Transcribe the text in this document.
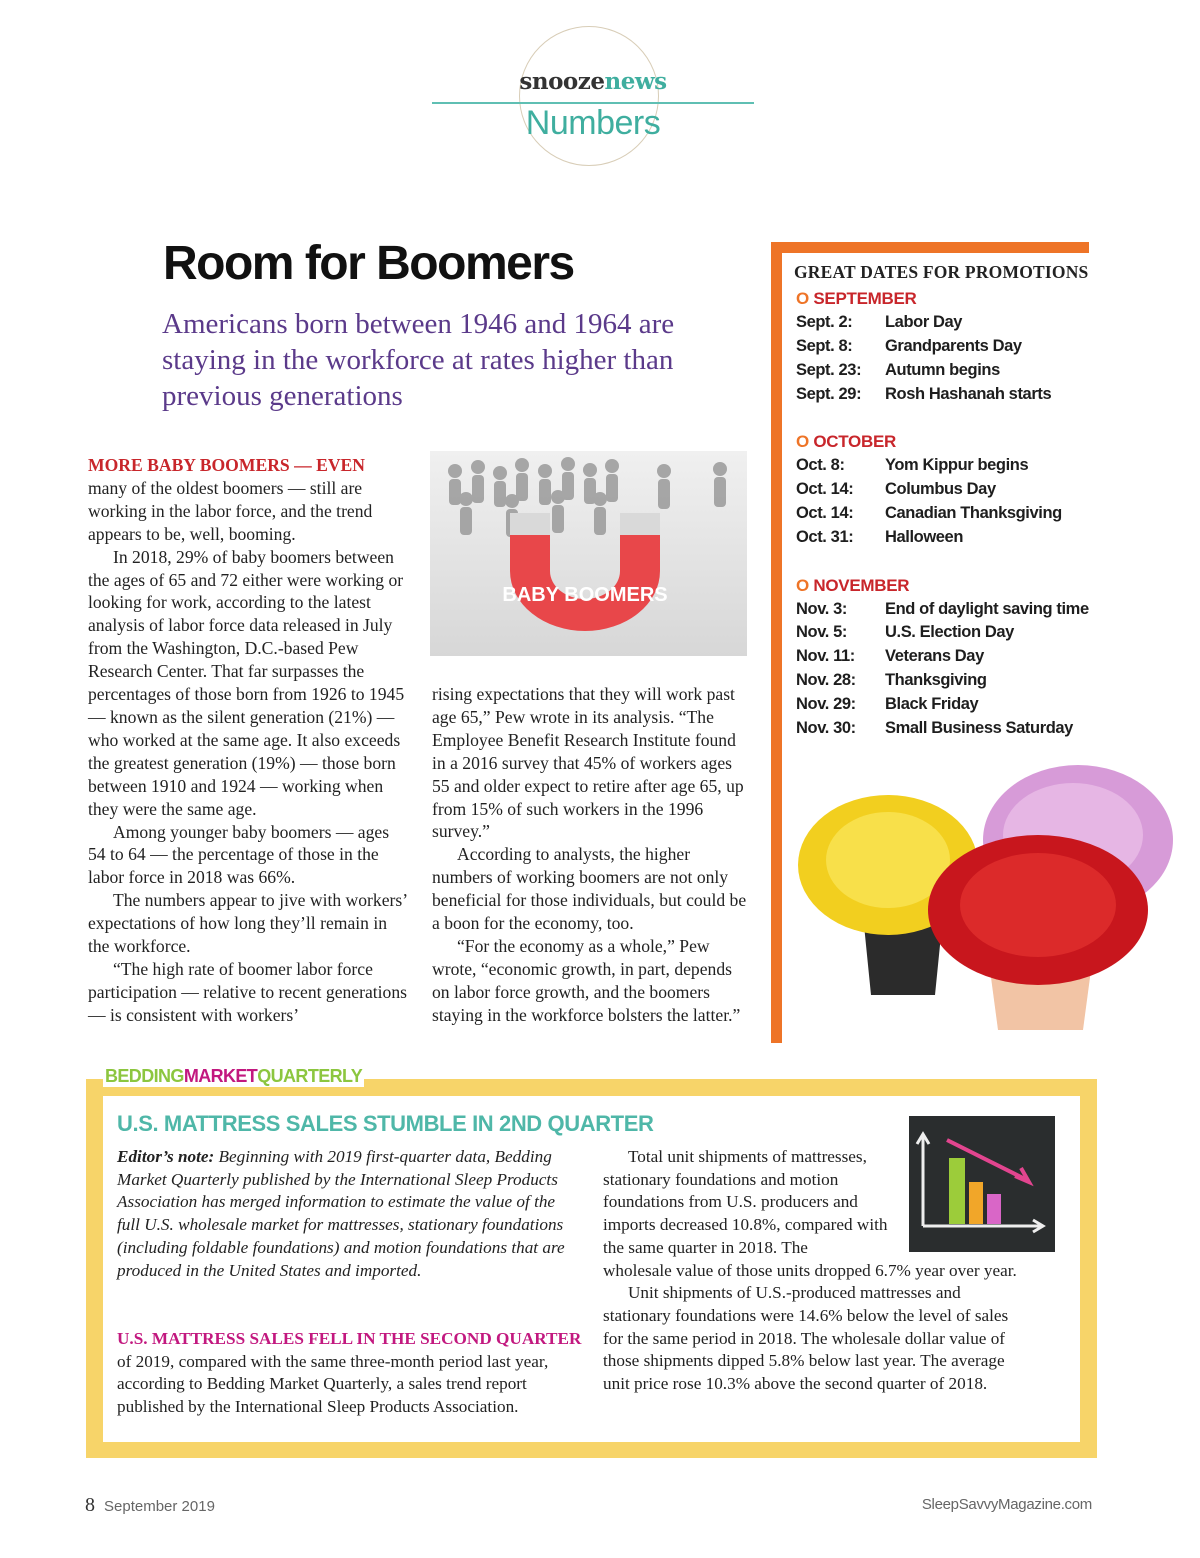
snoozenews
Numbers
Room for Boomers
Americans born between 1946 and 1964 are staying in the workforce at rates higher than previous generations

MORE BABY BOOMERS — EVEN
many of the oldest boomers — still are working in the labor force, and the trend appears to be, well, booming.

In 2018, 29% of baby boomers between the ages of 65 and 72 either were working or looking for work, according to the latest analysis of labor force data released in July from the Washington, D.C.-based Pew Research Center. That far surpasses the percentages of those born from 1926 to 1945 — known as the silent generation (21%) — who worked at the same age. It also exceeds the greatest generation (19%) — those born between 1910 and 1924 — working when they were the same age.

Among younger baby boomers — ages 54 to 64 — the percentage of those in the labor force in 2018 was 66%.

The numbers appear to jive with workers’ expectations of how long they’ll remain in the workforce.

“The high rate of boomer labor force participation — relative to recent generations — is consistent with workers’

BABY BOOMERS

rising expectations that they will work past age 65,” Pew wrote in its analysis. “The Employee Benefit Research Institute found in a 2016 survey that 45% of workers ages 55 and older expect to retire after age 65, up from 15% of such workers in the 1996 survey.”

According to analysts, the higher numbers of working boomers are not only beneficial for those individuals, but could be a boon for the economy, too.

“For the economy as a whole,” Pew wrote, “economic growth, in part, depends on labor force growth, and the boomers staying in the workforce bolsters the latter.”

GREAT DATES FOR PROMOTIONS
O SEPTEMBER
Sept. 2: Labor Day
Sept. 8: Grandparents Day
Sept. 23: Autumn begins
Sept. 29: Rosh Hashanah starts
O OCTOBER
Oct. 8: Yom Kippur begins
Oct. 14: Columbus Day
Oct. 14: Canadian Thanksgiving
Oct. 31: Halloween
O NOVEMBER
Nov. 3: End of daylight saving time
Nov. 5: U.S. Election Day
Nov. 11: Veterans Day
Nov. 28: Thanksgiving
Nov. 29: Black Friday
Nov. 30: Small Business Saturday
BEDDINGMARKETQUARTERLY
U.S. MATTRESS SALES STUMBLE IN 2ND QUARTER
Editor’s note: Beginning with 2019 first-quarter data, Bedding Market Quarterly published by the International Sleep Products Association has merged information to estimate the value of the full U.S. wholesale market for mattresses, stationary foundations (including foldable foundations) and motion foundations that are produced in the United States and imported.
U.S. MATTRESS SALES FELL IN THE SECOND QUARTER
of 2019, compared with the same three-month period last year, according to Bedding Market Quarterly, a sales trend report published by the International Sleep Products Association.

Total unit shipments of mattresses, stationary foundations and motion foundations from U.S. producers and imports decreased 10.8%, compared with the same quarter in 2018. The

wholesale value of those units dropped 6.7% year over year.

Unit shipments of U.S.-produced mattresses and stationary foundations were 14.6% below the level of sales for the same period in 2018. The wholesale dollar value of those shipments dipped 5.8% below last year. The average unit price rose 10.3% above the second quarter of 2018.

8 September 2019	SleepSavvyMagazine.com
